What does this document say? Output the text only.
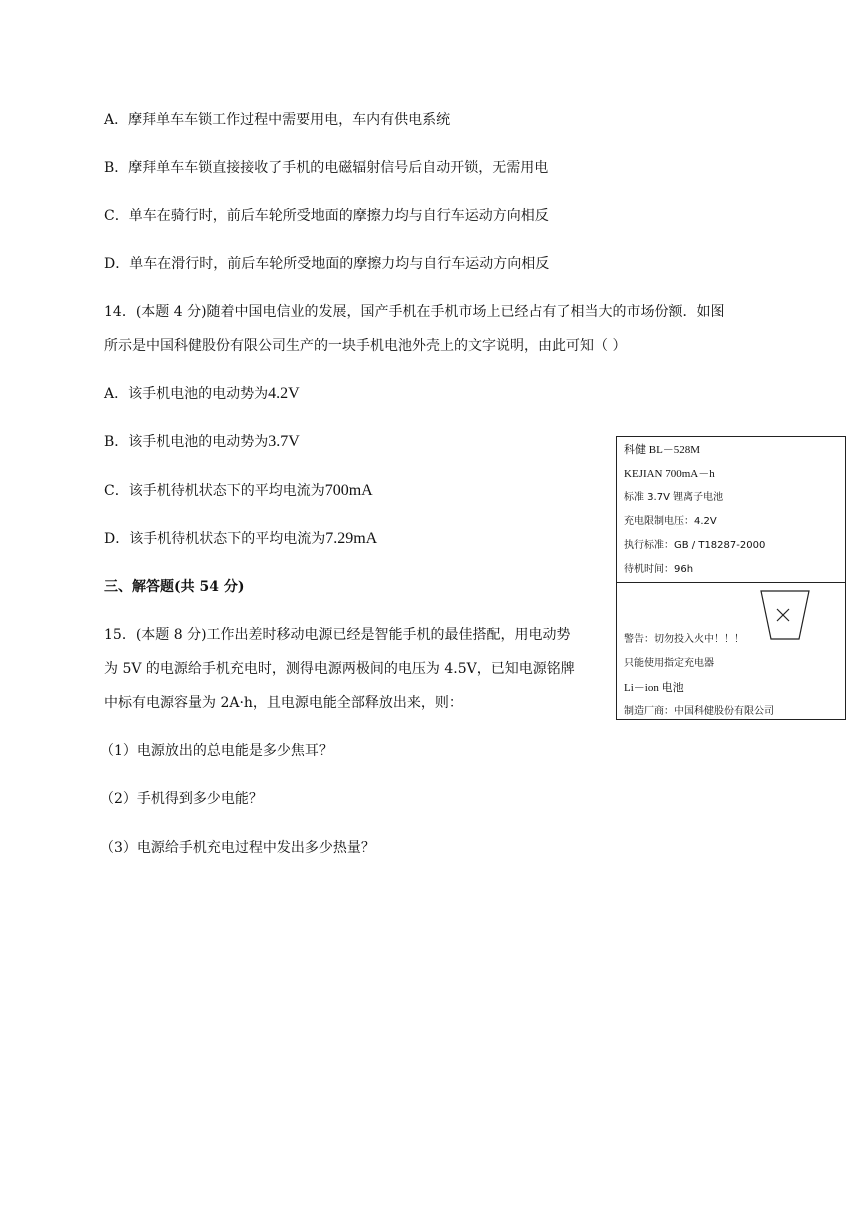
A．摩拜单车车锁工作过程中需要用电，车内有供电系统
B．摩拜单车车锁直接接收了手机的电磁辐射信号后自动开锁，无需用电
C．单车在骑行时，前后车轮所受地面的摩擦力均与自行车运动方向相反
D．单车在滑行时，前后车轮所受地面的摩擦力均与自行车运动方向相反
14．(本题 4 分)随着中国电信业的发展，国产手机在手机市场上已经占有了相当大的市场份额．如图
所示是中国科健股份有限公司生产的一块手机电池外壳上的文字说明，由此可知（ ）
A．该手机电池的电动势为4.2V
B．该手机电池的电动势为3.7V
C．该手机待机状态下的平均电流为700mA
D．该手机待机状态下的平均电流为7.29mA
三、解答题(共 54 分)
15．(本题 8 分)工作出差时移动电源已经是智能手机的最佳搭配，用电动势
为 5V 的电源给手机充电时，测得电源两极间的电压为 4.5V，已知电源铭牌
中标有电源容量为 2A·h，且电源电能全部释放出来，则：
（1）电源放出的总电能是多少焦耳？
（2）手机得到多少电能？
（3）电源给手机充电过程中发出多少热量？
科健 BL－528M
KEJIAN 700mA－h
标准 3.7V 锂离子电池
充电限制电压：4.2V
执行标准：GB / T18287-2000
待机时间：96h
警告：切勿投入火中！！！
只能使用指定充电器
Li－ion 电池
制造厂商：中国科健股份有限公司
